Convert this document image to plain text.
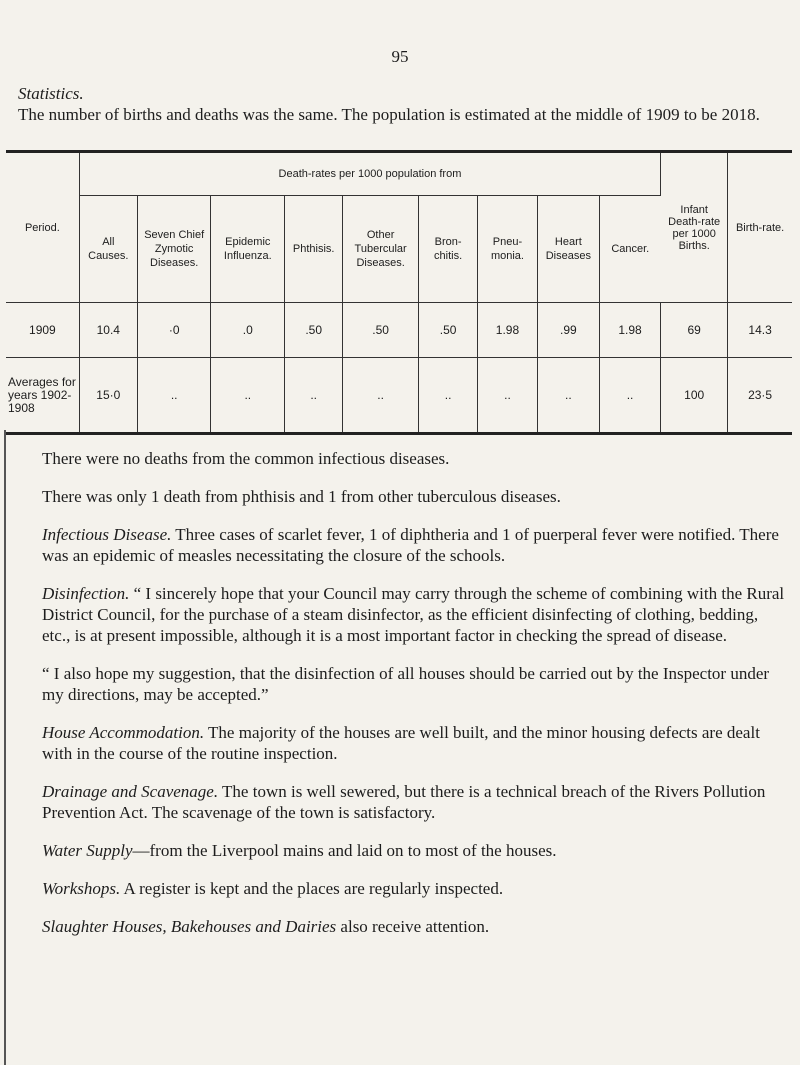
95

Statistics.

The number of births and deaths was the same. The population is estimated at the middle of 1909 to be 2018.

Period.	Death-rates per 1000 population from									Infant Death-rate per 1000 Births.	Birth-rate.
	All Causes.	Seven Chief Zymotic Diseases.	Epidemic Influenza.	Phthisis.	Other Tubercular Diseases.	Bron-chitis.	Pneu-monia.	Heart Diseases	Cancer.		
1909	10.4	·0	.0	.50	.50	.50	1.98	.99	1.98	69	14.3
Averages for years 1902-1908	15·0	..	..	..	..	..	..	..	..	100	23·5

There were no deaths from the common infectious diseases.

There was only 1 death from phthisis and 1 from other tuberculous diseases.

Infectious Disease. Three cases of scarlet fever, 1 of diphtheria and 1 of puerperal fever were notified. There was an epidemic of measles necessitating the closure of the schools.

Disinfection. “ I sincerely hope that your Council may carry through the scheme of combining with the Rural District Council, for the purchase of a steam disinfector, as the efficient disinfecting of clothing, bedding, etc., is at present impossible, although it is a most important factor in checking the spread of disease.

“ I also hope my suggestion, that the disinfection of all houses should be carried out by the Inspector under my directions, may be accepted.”

House Accommodation. The majority of the houses are well built, and the minor housing defects are dealt with in the course of the routine inspection.

Drainage and Scavenage. The town is well sewered, but there is a technical breach of the Rivers Pollution Prevention Act. The scavenage of the town is satisfactory.

Water Supply—from the Liverpool mains and laid on to most of the houses.

Workshops. A register is kept and the places are regularly inspected.

Slaughter Houses, Bakehouses and Dairies also receive attention.
